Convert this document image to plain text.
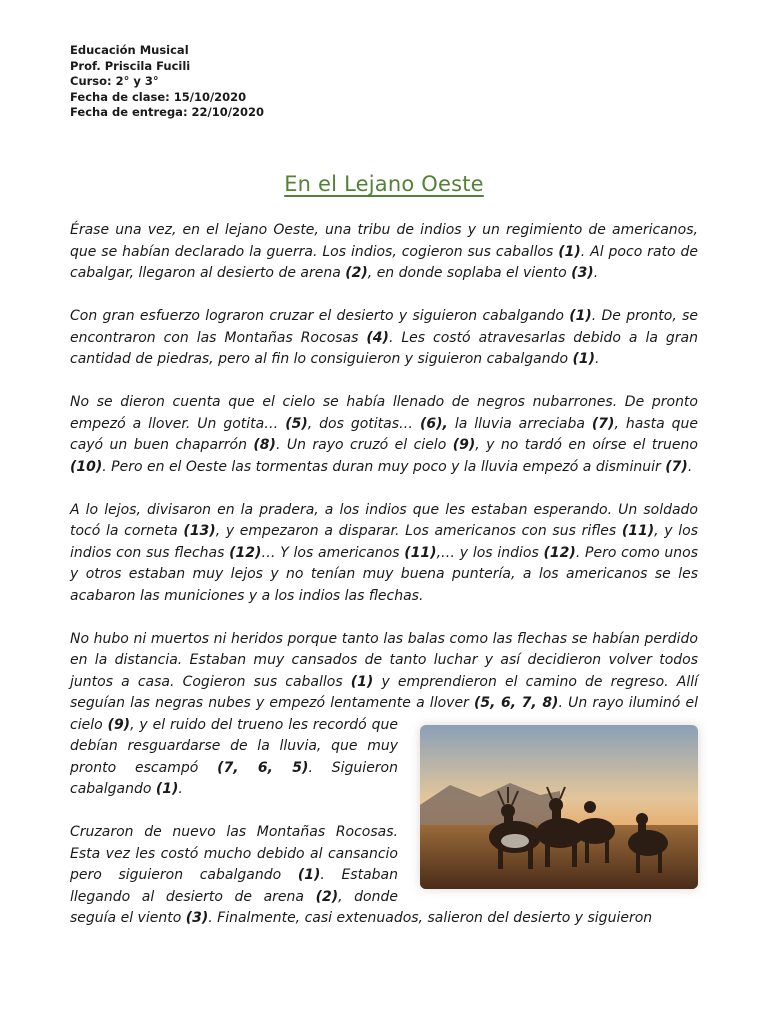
Educación Musical
Prof. Priscila Fucili
Curso: 2° y 3°
Fecha de clase: 15/10/2020
Fecha de entrega: 22/10/2020
En el Lejano Oeste

Érase una vez, en el lejano Oeste, una tribu de indios y un regimiento de americanos, que se habían declarado la guerra. Los indios, cogieron sus caballos (1). Al poco rato de cabalgar, llegaron al desierto de arena (2), en donde soplaba el viento (3).

Con gran esfuerzo lograron cruzar el desierto y siguieron cabalgando (1). De pronto, se encontraron con las Montañas Rocosas (4). Les costó atravesarlas debido a la gran cantidad de piedras, pero al fin lo consiguieron y siguieron cabalgando (1).

No se dieron cuenta que el cielo se había llenado de negros nubarrones. De pronto empezó a llover. Un gotita… (5), dos gotitas… (6), la lluvia arreciaba (7), hasta que cayó un buen chaparrón (8). Un rayo cruzó el cielo (9), y no tardó en oírse el trueno (10). Pero en el Oeste las tormentas duran muy poco y la lluvia empezó a disminuir (7).

A lo lejos, divisaron en la pradera, a los indios que les estaban esperando. Un soldado tocó la corneta (13), y empezaron a disparar. Los americanos con sus rifles (11), y los indios con sus flechas (12)… Y los americanos (11),… y los indios (12). Pero como unos y otros estaban muy lejos y no tenían muy buena puntería, a los americanos se les acabaron las municiones y a los indios las flechas.

No hubo ni muertos ni heridos porque tanto las balas como las flechas se habían perdido en la distancia. Estaban muy cansados de tanto luchar y así decidieron volver todos juntos a casa. Cogieron sus caballos (1) y emprendieron el camino de regreso. Allí seguían las negras nubes y empezó lentamente a llover (5, 6, 7, 8). Un rayo iluminó el cielo (9), y
el ruido del trueno les recordó que debían resguardarse de la lluvia, que muy pronto escampó (7, 6, 5). Siguieron cabalgando (1).

Cruzaron de nuevo las Montañas Rocosas. Esta vez les costó mucho debido al cansancio pero siguieron cabalgando (1). Estaban llegando al desierto de arena (2), donde seguía el viento (3). Finalmente, casi extenuados, salieron del desierto y siguieron
